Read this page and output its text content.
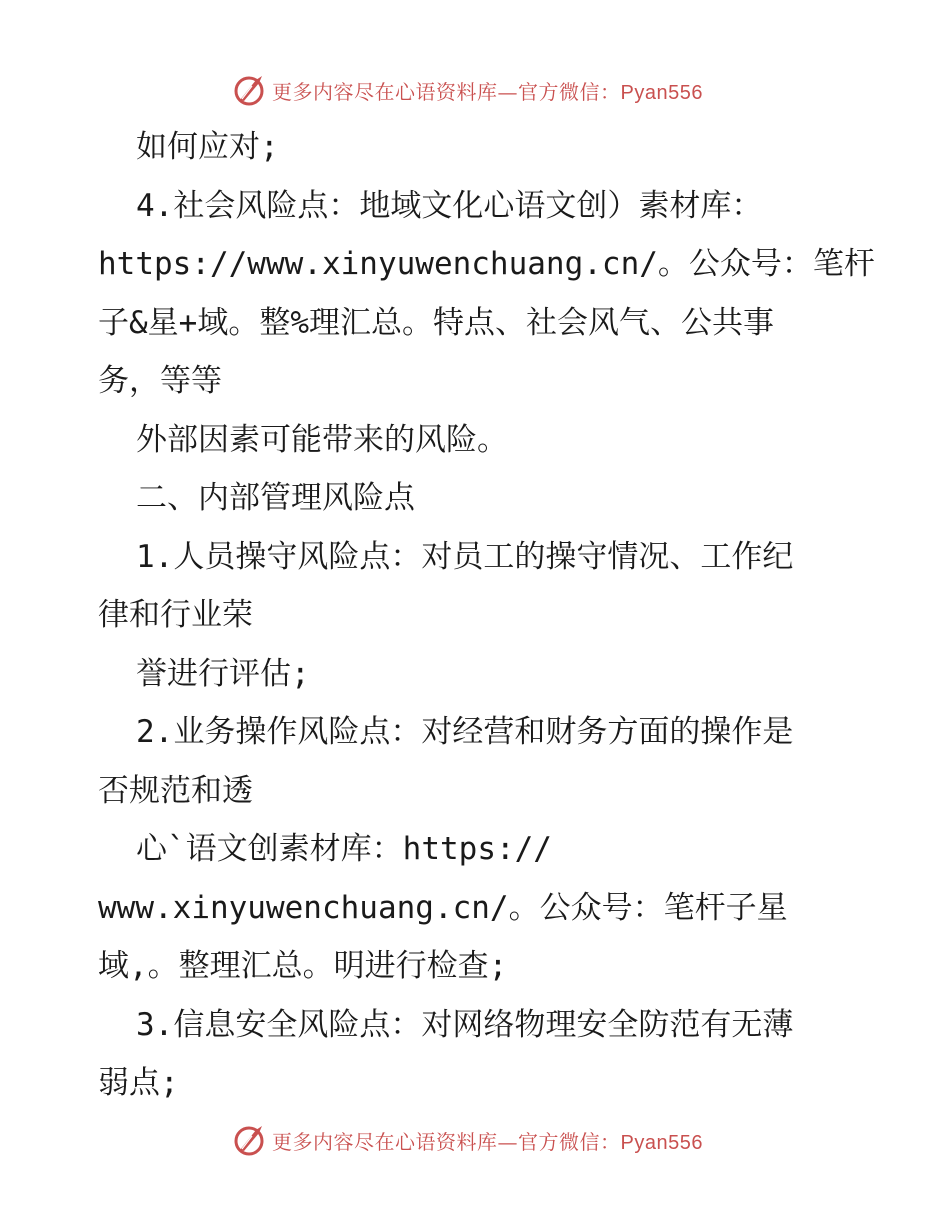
更多内容尽在心语资料库—官方微信：Pyan556
如何应对;
4.社会风险点：地域文化心语文创）素材库：
https://www.xinyuwenchuang.cn/。公众号：笔杆
子&星+域。整%理汇总。特点、社会风气、公共事
务，等等
外部因素可能带来的风险。
二、内部管理风险点
1.人员操守风险点：对员工的操守情况、工作纪
律和行业荣
誉进行评估;
2.业务操作风险点：对经营和财务方面的操作是
否规范和透
心`语文创素材库：https://
www.xinyuwenchuang.cn/。公众号：笔杆子星
域,。整理汇总。明进行检查;
3.信息安全风险点：对网络物理安全防范有无薄
弱点;
更多内容尽在心语资料库—官方微信：Pyan556
